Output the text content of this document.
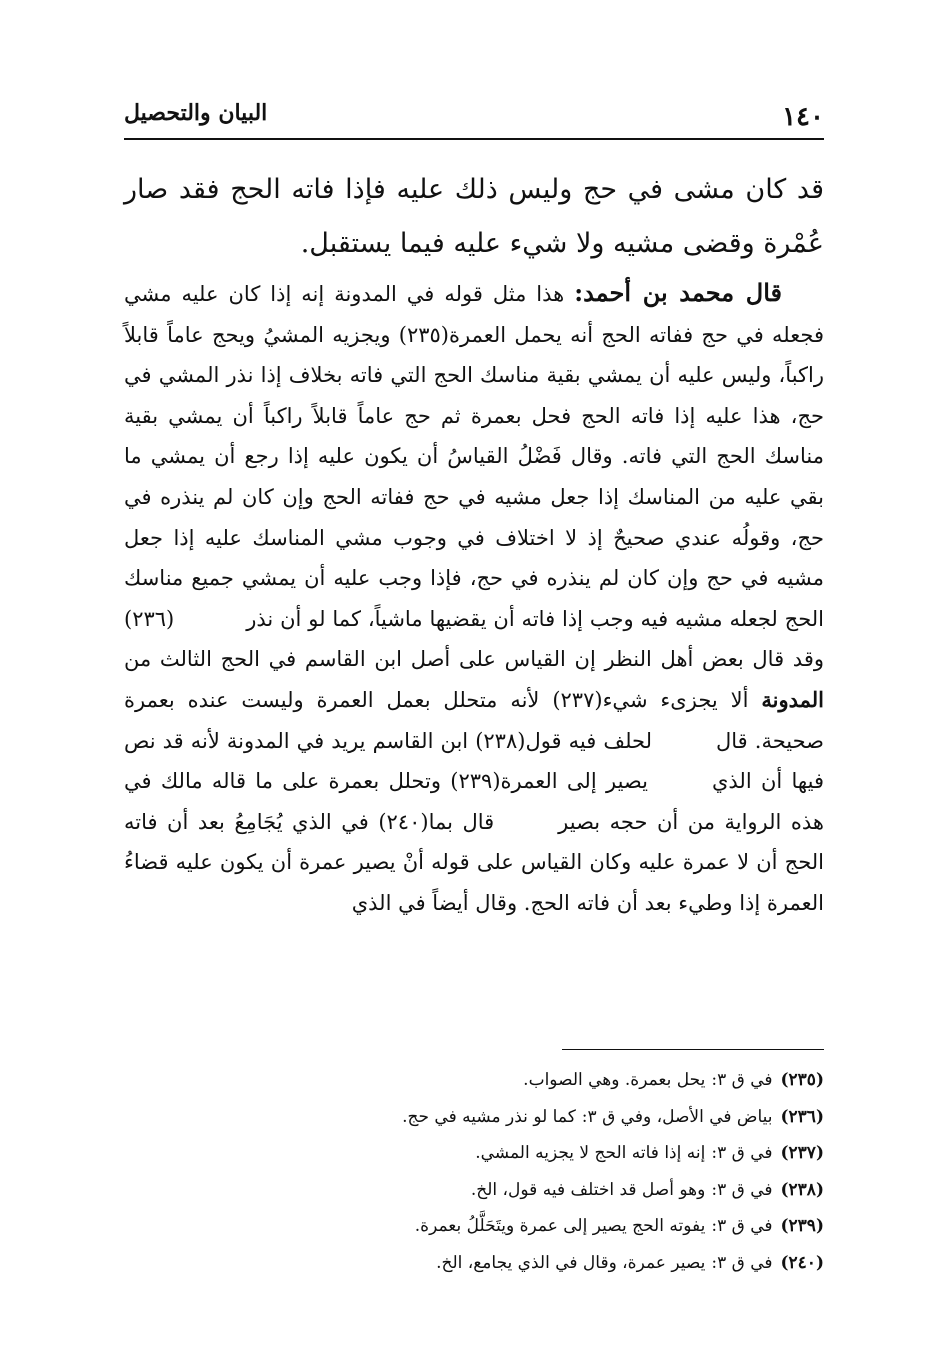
١٤٠
البيان والتحصيل

قد كان مشى في حج وليس ذلك عليه فإذا فاته الحج فقد صار عُمْرة وقضى مشيه ولا شيء عليه فيما يستقبل.

قال محمد بن أحمد: هذا مثل قوله في المدونة إنه إذا كان عليه مشي فجعله في حج ففاته الحج أنه يحمل العمرة(٢٣٥) ويجزيه المشيُ ويحج عاماً قابلاً راكباً، وليس عليه أن يمشي بقية مناسك الحج التي فاته بخلاف إذا نذر المشي في حج، هذا عليه إذا فاته الحج فحل بعمرة ثم حج عاماً قابلاً راكباً أن يمشي بقية مناسك الحج التي فاته. وقال فَضْلُ القياسُ أن يكون عليه إذا رجع أن يمشي ما بقي عليه من المناسك إذا جعل مشيه في حج ففاته الحج وإن كان لم ينذره في حج، وقولُه عندي صحيحٌ إذ لا اختلاف في وجوب مشي المناسك عليه إذا جعل مشيه في حج وإن كان لم ينذره في حج، فإذا وجب عليه أن يمشي جميع مناسك الحج لجعله مشيه فيه وجب إذا فاته أن يقضيها ماشياً، كما لو أن نذر(٢٣٦) وقد قال بعض أهل النظر إن القياس على أصل ابن القاسم في الحج الثالث من المدونة ألا يجزىء شيء(٢٣٧) لأنه متحلل بعمل العمرة وليست عنده بعمرة صحيحة. قاللحلف فيه قول(٢٣٨) ابن القاسم يريد في المدونة لأنه قد نص فيها أن الذييصير إلى العمرة(٢٣٩) وتحلل بعمرة على ما قاله مالك في هذه الرواية من أن حجه بصيرقال بما(٢٤٠) في الذي يُجَامِعُ بعد أن فاته الحج أن لا عمرة عليه وكان القياس على قوله أنْ يصير عمرة أن يكون عليه قضاءُ العمرة إذا وطيء بعد أن فاته الحج. وقال أيضاً في الذي

(٢٣٥)في ق ٣:يحل بعمرة. وهي الصواب.
(٢٣٦)بياض في الأصل، وفي ق ٣:كما لو نذر مشيه في حج.
(٢٣٧)في ق ٣:إنه إذا فاته الحج لا يجزيه المشي.
(٢٣٨)في ق ٣:وهو أصل قد اختلف فيه قول، الخ.
(٢٣٩)في ق ٣:يفوته الحج يصير إلى عمرة ويتَحَلَّلُ بعمرة.
(٢٤٠)في ق ٣:يصير عمرة، وقال في الذي يجامع، الخ.
